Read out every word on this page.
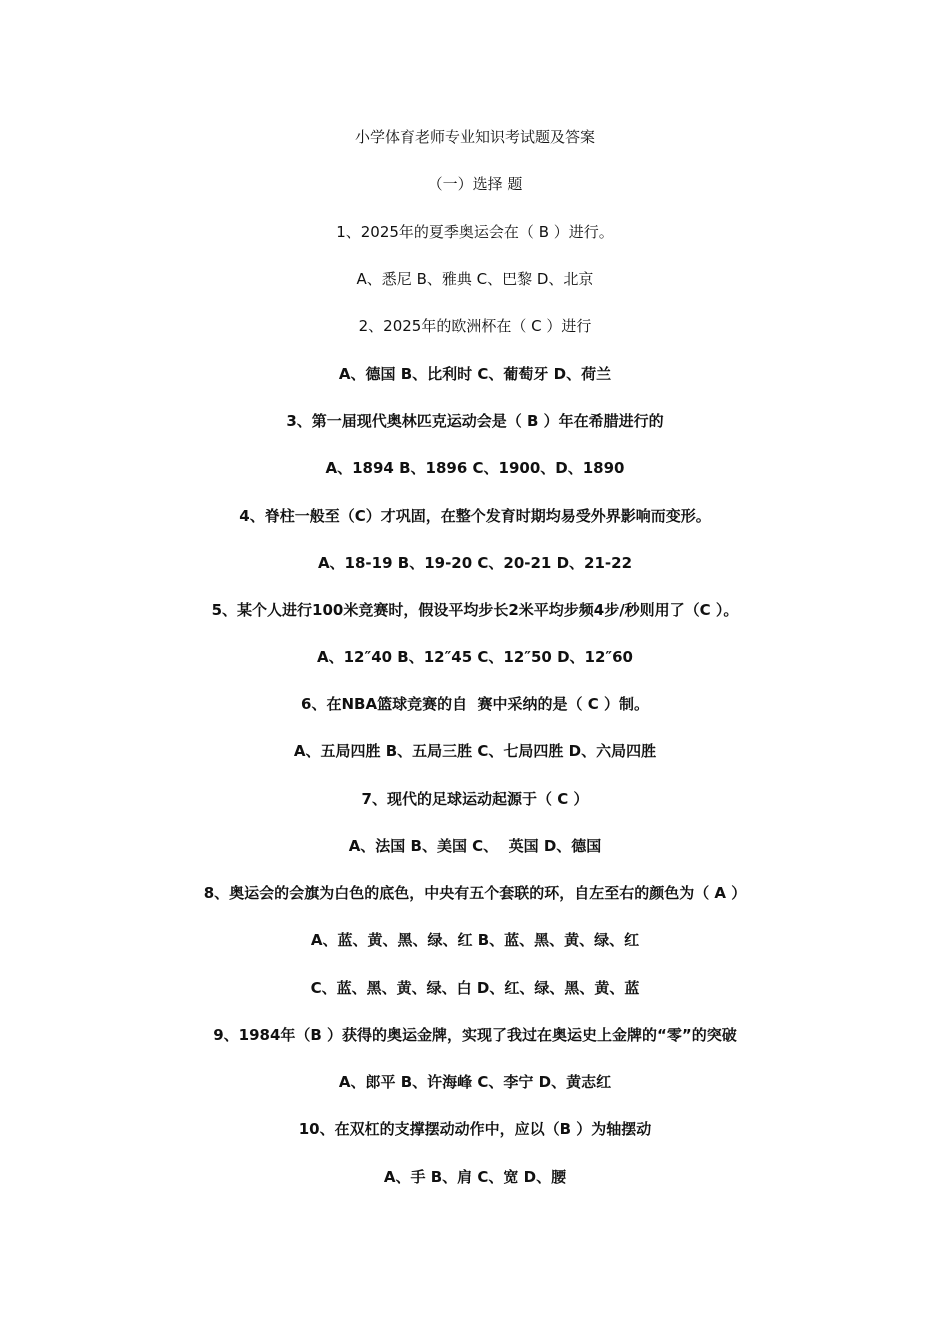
小学体育老师专业知识考试题及答案
（一）选择 题
1、2025年的夏季奥运会在（ B ）进行。
A、悉尼 B、雅典 C、巴黎 D、北京
2、2025年的欧洲杯在（ C ）进行
A、德国 B、比利时 C、葡萄牙 D、荷兰
3、第一届现代奥林匹克运动会是（ B ）年在希腊进行的
A、1894 B、1896 C、1900、D、1890
4、脊柱一般至（C）才巩固，在整个发育时期均易受外界影响而变形。
A、18-19 B、19-20 C、20-21 D、21-22
5、某个人进行100米竞赛时，假设平均步长2米平均步频4步/秒则用了（C ）。
A、12″40 B、12″45 C、12″50 D、12″60
6、在NBA篮球竞赛的自  赛中采纳的是（ C ）制。
A、五局四胜 B、五局三胜 C、七局四胜 D、六局四胜
7、现代的足球运动起源于（ C ）
A、法国 B、美国 C、  英国 D、德国
8、奥运会的会旗为白色的底色，中央有五个套联的环，自左至右的颜色为（ A ）
A、蓝、黄、黑、绿、红 B、蓝、黑、黄、绿、红
C、蓝、黑、黄、绿、白 D、红、绿、黑、黄、蓝
9、1984年（B ）获得的奥运金牌，实现了我过在奥运史上金牌的“零”的突破
A、郎平 B、许海峰 C、李宁 D、黄志红
10、在双杠的支撑摆动动作中，应以（B ）为轴摆动
A、手 B、肩 C、宽 D、腰
